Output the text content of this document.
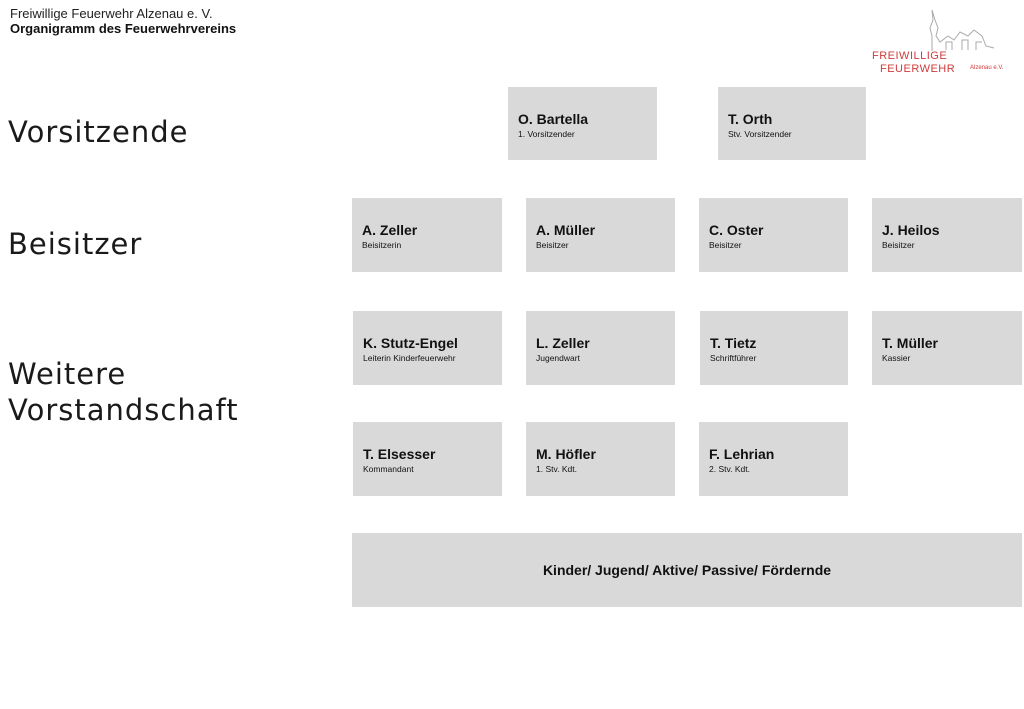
Freiwillige Feuerwehr Alzenau e. V.
Organigramm des Feuerwehrvereins
FREIWILLIGE
FEUERWEHR Alzenau e.V.
Vorsitzende
Beisitzer
Weitere
Vorstandschaft
O. Bartella
1. Vorsitzender
T. Orth
Stv. Vorsitzender
A. Zeller
Beisitzerin
A. Müller
Beisitzer
C. Oster
Beisitzer
J. Heilos
Beisitzer
K. Stutz-Engel
Leiterin Kinderfeuerwehr
L. Zeller
Jugendwart
T. Tietz
Schriftführer
T. Müller
Kassier
T. Elsesser
Kommandant
M. Höfler
1. Stv. Kdt.
F. Lehrian
2. Stv. Kdt.
Kinder/ Jugend/ Aktive/ Passive/ Fördernde
